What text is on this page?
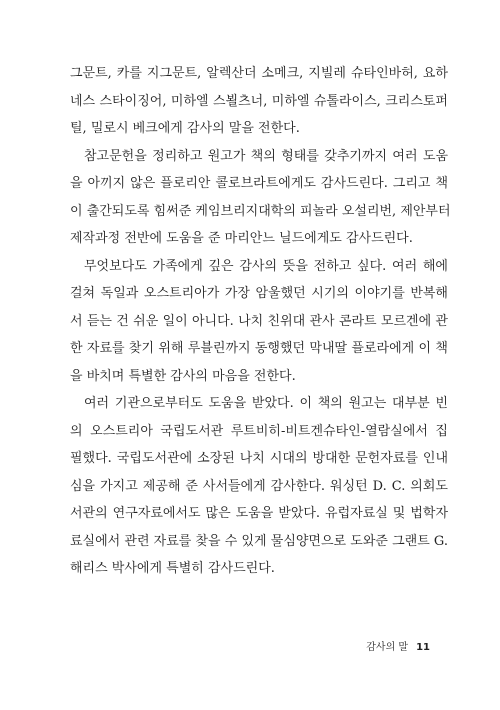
그문트, 카를 지그문트, 알렉산더 소메크, 지빌레 슈타인바허, 요하
네스 스타이징어, 미하엘 스뵐츠너, 미하엘 슈톨라이스, 크리스토퍼
틸, 밀로시 베크에게 감사의 말을 전한다.
참고문헌을 정리하고 원고가 책의 형태를 갖추기까지 여러 도움
을 아끼지 않은 플로리안 콜로브라트에게도 감사드린다. 그리고 책
이 출간되도록 힘써준 케임브리지대학의 피놀라 오설리번, 제안부터
제작과정 전반에 도움을 준 마리안느 닐드에게도 감사드린다.
무엇보다도 가족에게 깊은 감사의 뜻을 전하고 싶다. 여러 해에
걸쳐 독일과 오스트리아가 가장 암울했던 시기의 이야기를 반복해
서 듣는 건 쉬운 일이 아니다. 나치 친위대 관사 콘라트 모르겐에 관
한 자료를 찾기 위해 루블린까지 동행했던 막내딸 플로라에게 이 책
을 바치며 특별한 감사의 마음을 전한다.
여러 기관으로부터도 도움을 받았다. 이 책의 원고는 대부분 빈
의 오스트리아 국립도서관 루트비히-비트겐슈타인-열람실에서 집
필했다. 국립도서관에 소장된 나치 시대의 방대한 문헌자료를 인내
심을 가지고 제공해 준 사서들에게 감사한다. 워싱턴 D. C. 의회도
서관의 연구자료에서도 많은 도움을 받았다. 유럽자료실 및 법학자
료실에서 관련 자료를 찾을 수 있게 물심양면으로 도와준 그랜트 G.
해리스 박사에게 특별히 감사드린다.
감사의 말 11
